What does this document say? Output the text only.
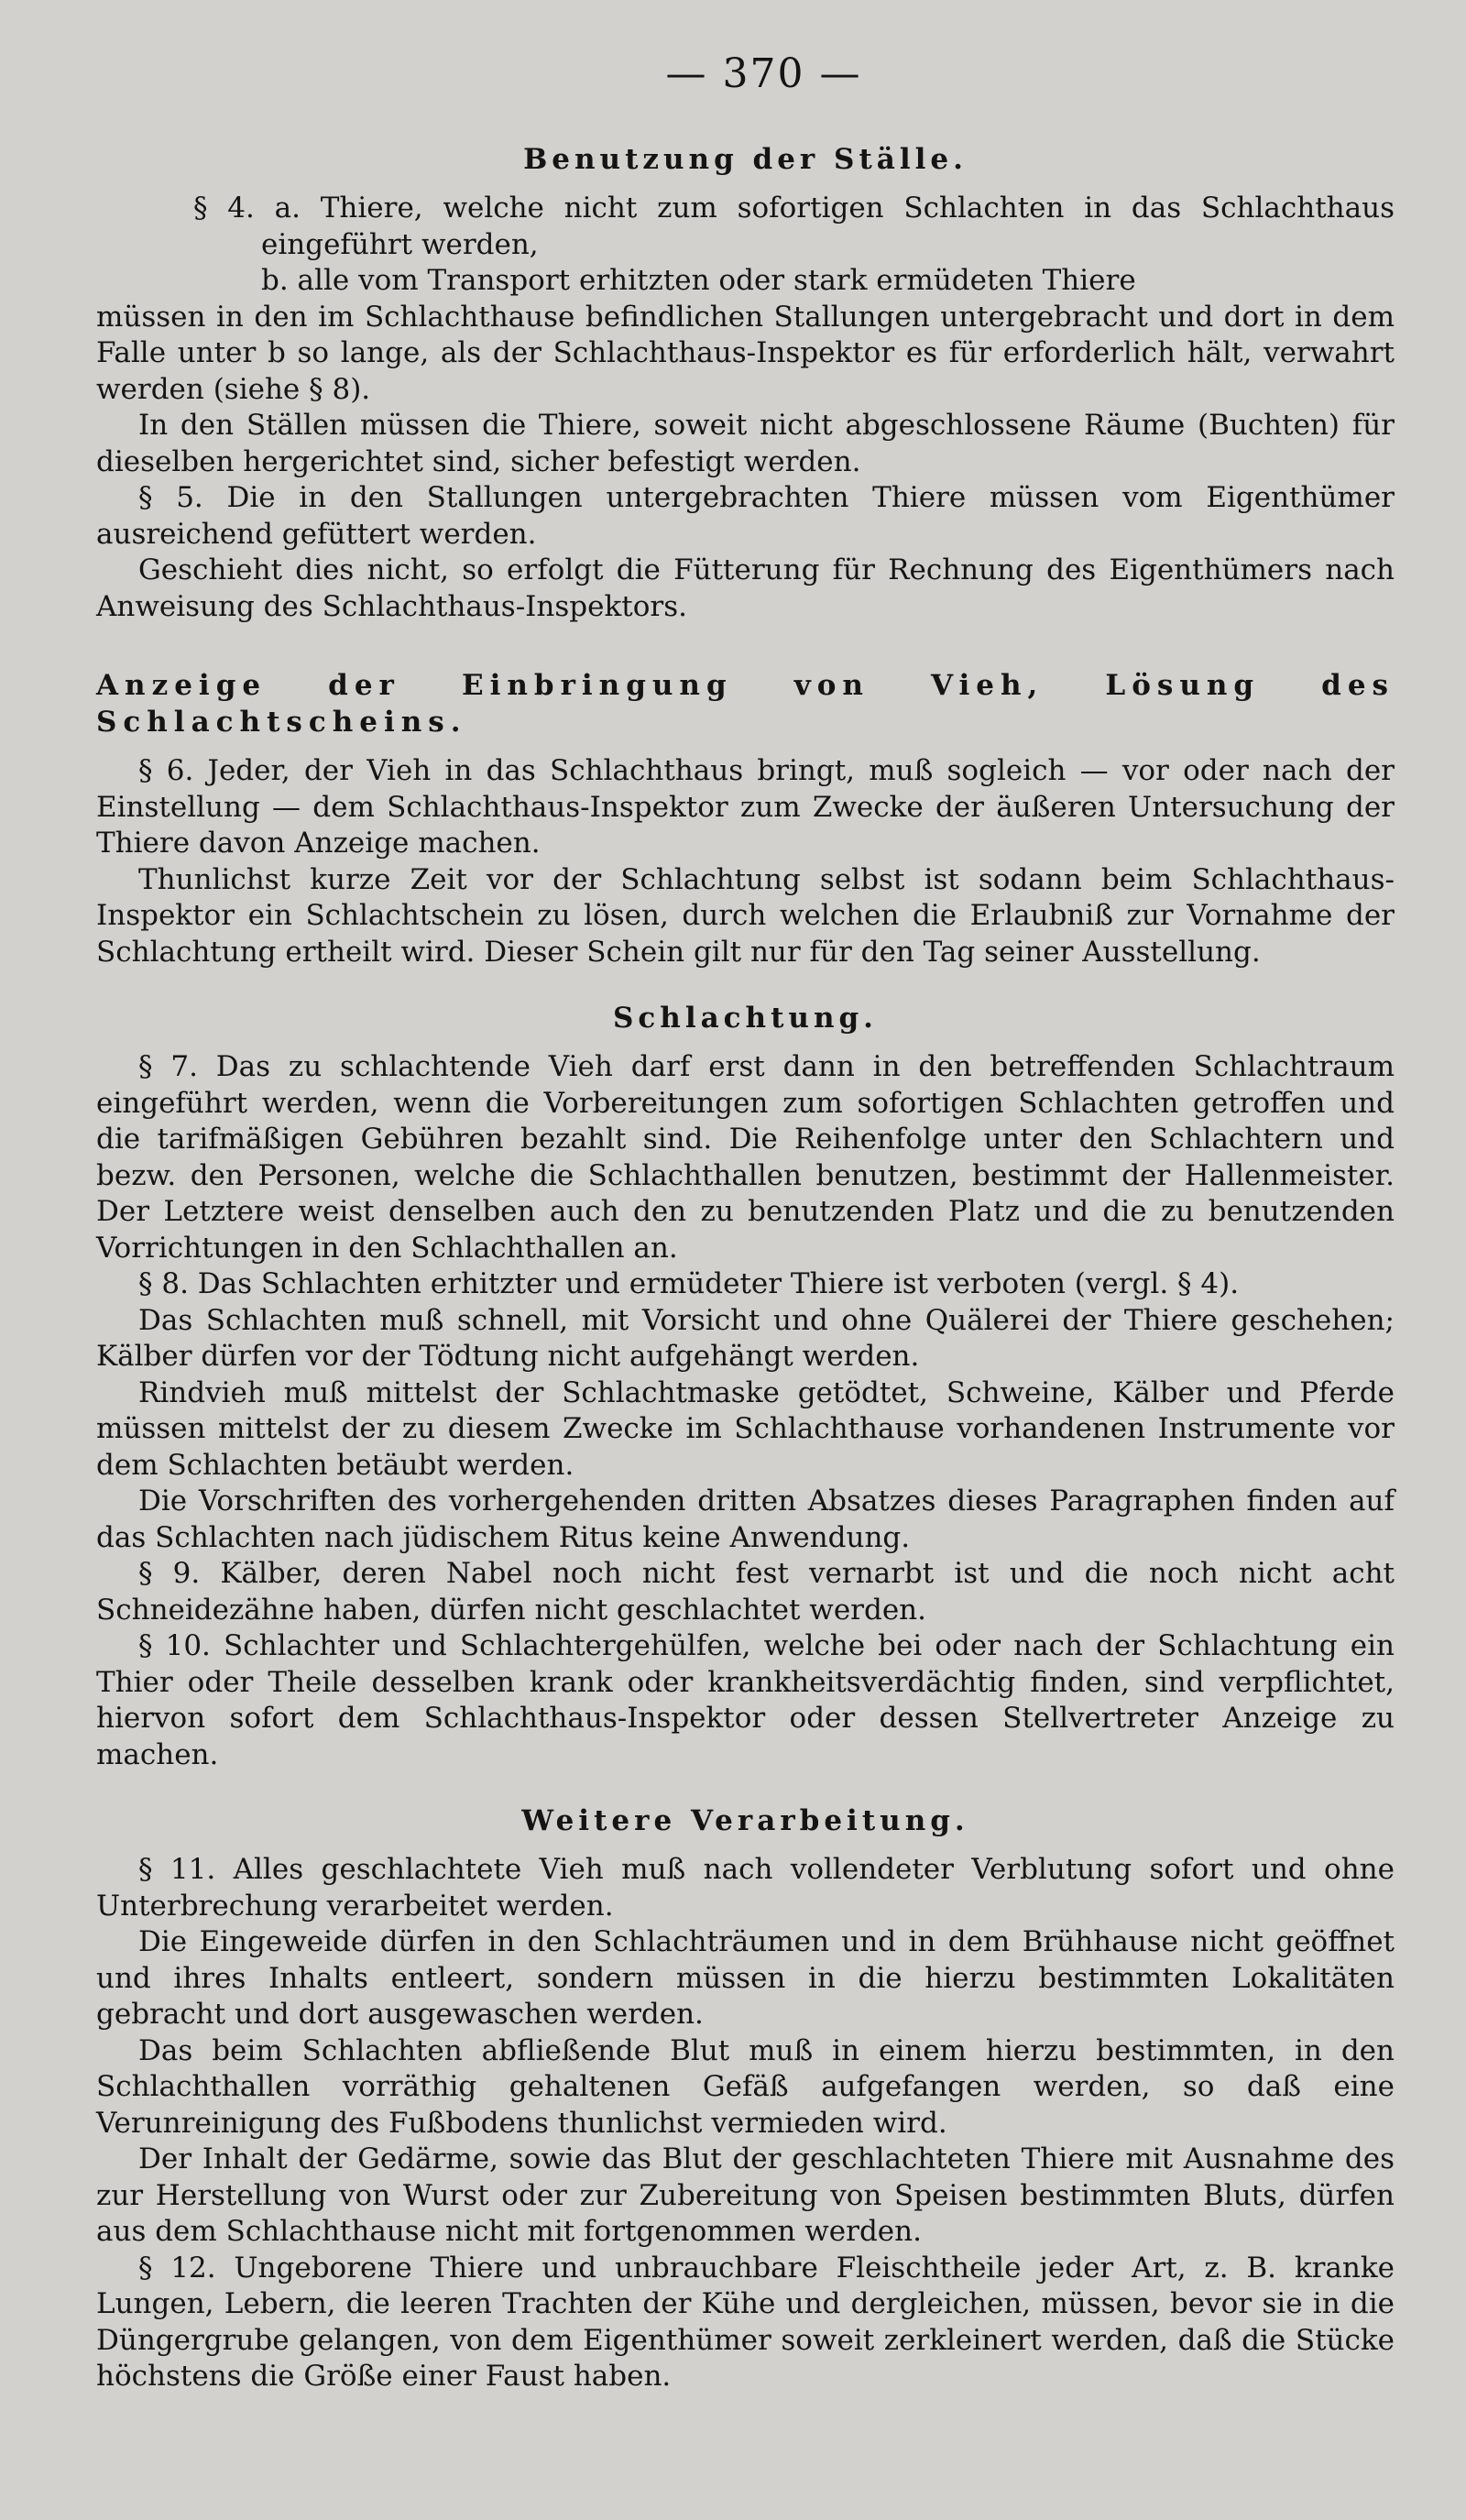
— 370 —
Benutzung der Ställe.

§ 4. a. Thiere, welche nicht zum sofortigen Schlachten in das Schlachthaus eingeführt werden,

b. alle vom Transport erhitzten oder stark ermüdeten Thiere

müssen in den im Schlachthause befindlichen Stallungen untergebracht und dort in dem Falle unter b so lange, als der Schlachthaus-Inspektor es für erforderlich hält, verwahrt werden (siehe § 8).

In den Ställen müssen die Thiere, soweit nicht abgeschlossene Räume (Buchten) für dieselben hergerichtet sind, sicher befestigt werden.

§ 5. Die in den Stallungen untergebrachten Thiere müssen vom Eigenthümer ausreichend gefüttert werden.

Geschieht dies nicht, so erfolgt die Fütterung für Rechnung des Eigenthümers nach Anweisung des Schlachthaus-Inspektors.

Anzeige der Einbringung von Vieh, Lösung des Schlachtscheins.

§ 6. Jeder, der Vieh in das Schlachthaus bringt, muß sogleich — vor oder nach der Einstellung — dem Schlachthaus-Inspektor zum Zwecke der äußeren Untersuchung der Thiere davon Anzeige machen.

Thunlichst kurze Zeit vor der Schlachtung selbst ist sodann beim Schlachthaus-Inspektor ein Schlachtschein zu lösen, durch welchen die Erlaubniß zur Vornahme der Schlachtung ertheilt wird. Dieser Schein gilt nur für den Tag seiner Ausstellung.

Schlachtung.

§ 7. Das zu schlachtende Vieh darf erst dann in den betreffenden Schlachtraum eingeführt werden, wenn die Vorbereitungen zum sofortigen Schlachten getroffen und die tarifmäßigen Gebühren bezahlt sind. Die Reihenfolge unter den Schlachtern und bezw. den Personen, welche die Schlachthallen benutzen, bestimmt der Hallenmeister. Der Letztere weist denselben auch den zu benutzenden Platz und die zu benutzenden Vorrichtungen in den Schlachthallen an.

§ 8. Das Schlachten erhitzter und ermüdeter Thiere ist verboten (vergl. § 4).

Das Schlachten muß schnell, mit Vorsicht und ohne Quälerei der Thiere geschehen; Kälber dürfen vor der Tödtung nicht aufgehängt werden.

Rindvieh muß mittelst der Schlachtmaske getödtet, Schweine, Kälber und Pferde müssen mittelst der zu diesem Zwecke im Schlachthause vorhandenen Instrumente vor dem Schlachten betäubt werden.

Die Vorschriften des vorhergehenden dritten Absatzes dieses Paragraphen finden auf das Schlachten nach jüdischem Ritus keine Anwendung.

§ 9. Kälber, deren Nabel noch nicht fest vernarbt ist und die noch nicht acht Schneidezähne haben, dürfen nicht geschlachtet werden.

§ 10. Schlachter und Schlachtergehülfen, welche bei oder nach der Schlachtung ein Thier oder Theile desselben krank oder krankheitsverdächtig finden, sind verpflichtet, hiervon sofort dem Schlachthaus-Inspektor oder dessen Stellvertreter Anzeige zu machen.

Weitere Verarbeitung.

§ 11. Alles geschlachtete Vieh muß nach vollendeter Verblutung sofort und ohne Unterbrechung verarbeitet werden.

Die Eingeweide dürfen in den Schlachträumen und in dem Brühhause nicht geöffnet und ihres Inhalts entleert, sondern müssen in die hierzu bestimmten Lokalitäten gebracht und dort ausgewaschen werden.

Das beim Schlachten abfließende Blut muß in einem hierzu bestimmten, in den Schlachthallen vorräthig gehaltenen Gefäß aufgefangen werden, so daß eine Verunreinigung des Fußbodens thunlichst vermieden wird.

Der Inhalt der Gedärme, sowie das Blut der geschlachteten Thiere mit Ausnahme des zur Herstellung von Wurst oder zur Zubereitung von Speisen bestimmten Bluts, dürfen aus dem Schlachthause nicht mit fortgenommen werden.

§ 12. Ungeborene Thiere und unbrauchbare Fleischtheile jeder Art, z. B. kranke Lungen, Lebern, die leeren Trachten der Kühe und dergleichen, müssen, bevor sie in die Düngergrube gelangen, von dem Eigenthümer soweit zerkleinert werden, daß die Stücke höchstens die Größe einer Faust haben.
